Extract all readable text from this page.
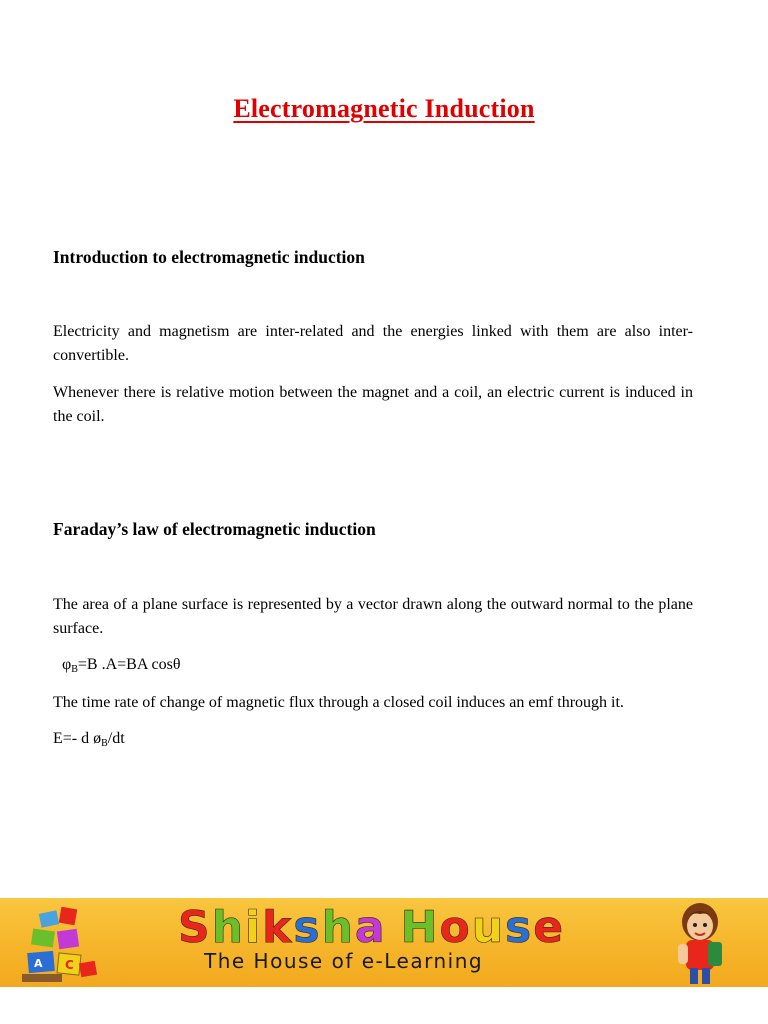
Electromagnetic Induction
Introduction to electromagnetic induction
Electricity and magnetism are inter-related and the energies linked with them are also inter- convertible.
Whenever there is relative motion between the magnet and a coil, an electric current is induced in the coil.
Faraday’s law of electromagnetic induction
The area of a plane surface is represented by a vector drawn along the outward normal to the plane surface.
$\varphi_B=B$ .A=BA cosθ
The time rate of change of magnetic flux through a closed coil induces an emf through it.
E=- d $ø_B/dt$
C
A
Shiksha House
The House of e-Learning
